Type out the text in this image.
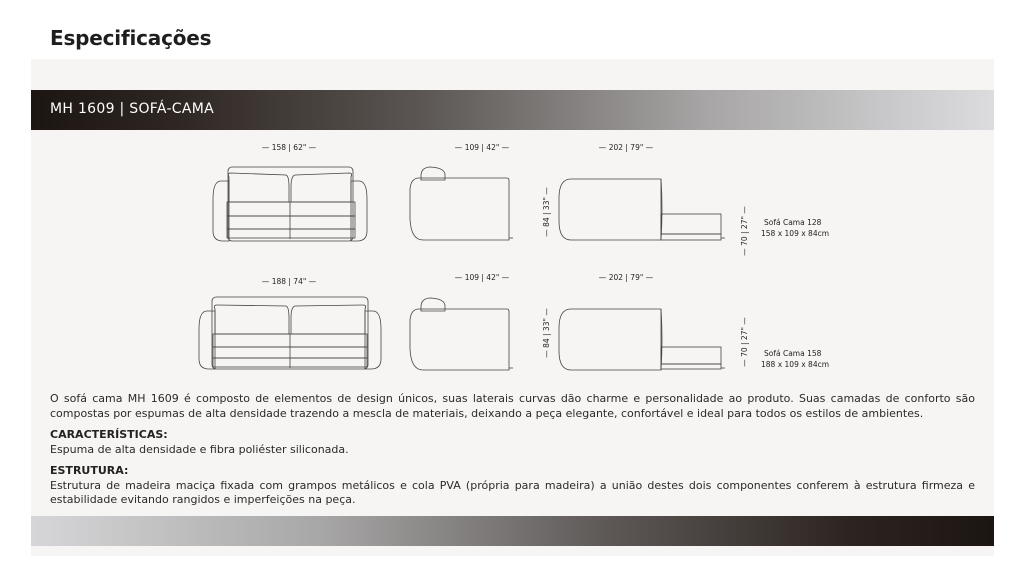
Especificações
MH 1609 | SOFÁ-CAMA
— 158 | 62" —	— 109 | 42" —	— 202 | 79" —
— 84 | 33" —
— 70 | 27" —
Sofá Cama 128
158 x 109 x 84cm
— 188 | 74" —	— 109 | 42" —	— 202 | 79" —
— 84 | 33" —
— 70 | 27" —
Sofá Cama 158
188 x 109 x 84cm

O sofá cama MH 1609 é composto de elementos de design únicos, suas laterais curvas dão charme e personalidade ao produto. Suas camadas de conforto são compostas por espumas de alta densidade trazendo a mescla de materiais, deixando a peça elegante, confortável e ideal para todos os estilos de ambientes.

CARACTERÍSTICAS:

Espuma de alta densidade e fibra poliéster siliconada.

ESTRUTURA:

Estrutura de madeira maciça fixada com grampos metálicos e cola PVA (própria para madeira) a união destes dois componentes conferem à estrutura firmeza e estabilidade evitando rangidos e imperfeições na peça.
